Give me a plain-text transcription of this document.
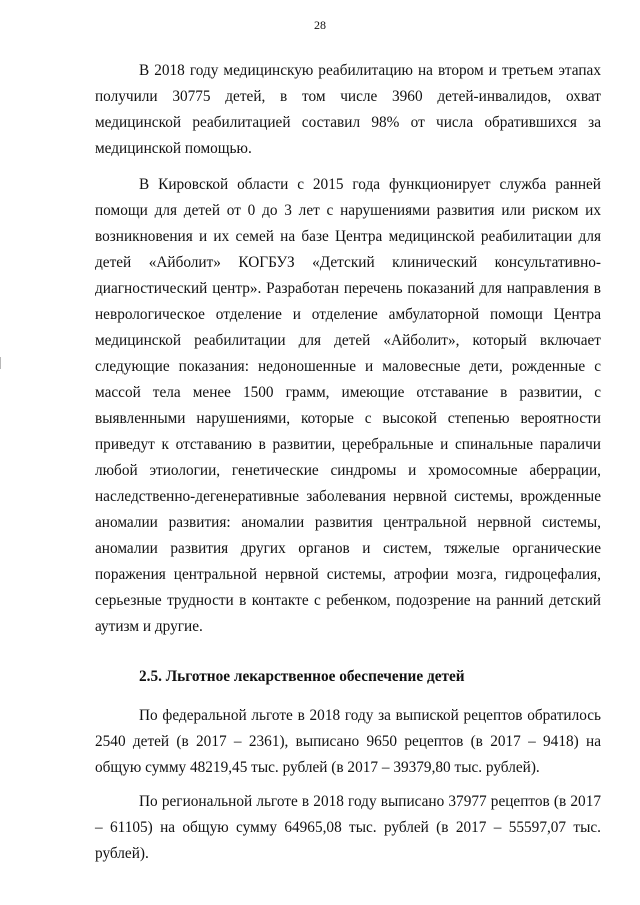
28

В 2018 году медицинскую реабилитацию на втором и третьем этапах получили 30775 детей, в том числе 3960 детей-инвалидов, охват медицинской реабилитацией составил 98% от числа обратившихся за медицинской помощью.

В Кировской области с 2015 года функционирует служба ранней помощи для детей от 0 до 3 лет с нарушениями развития или риском их возникновения и их семей на базе Центра медицинской реабилитации для детей «Айболит» КОГБУЗ «Детский клинический консультативно-диагностический центр». Разработан перечень показаний для направления в неврологическое отделение и отделение амбулаторной помощи Центра медицинской реабилитации для детей «Айболит», который включает следующие показания: недоношенные и маловесные дети, рожденные с массой тела менее 1500 грамм, имеющие отставание в развитии, с выявленными нарушениями, которые с высокой степенью вероятности приведут к отставанию в развитии, церебральные и спинальные параличи любой этиологии, генетические синдромы и хромосомные аберрации, наследственно-дегенеративные заболевания нервной системы, врожденные аномалии развития: аномалии развития центральной нервной системы, аномалии развития других органов и систем, тяжелые органические поражения центральной нервной системы, атрофии мозга, гидроцефалия, серьезные трудности в контакте с ребенком, подозрение на ранний детский аутизм и другие.

2.5. Льготное лекарственное обеспечение детей

По федеральной льготе в 2018 году за выпиской рецептов обратилось 2540 детей (в 2017 – 2361), выписано 9650 рецептов (в 2017 – 9418) на общую сумму 48219,45 тыс. рублей (в 2017 – 39379,80 тыс. рублей).

По региональной льготе в 2018 году выписано 37977 рецептов (в 2017 – 61105) на общую сумму 64965,08 тыс. рублей (в 2017 – 55597,07 тыс. рублей).
